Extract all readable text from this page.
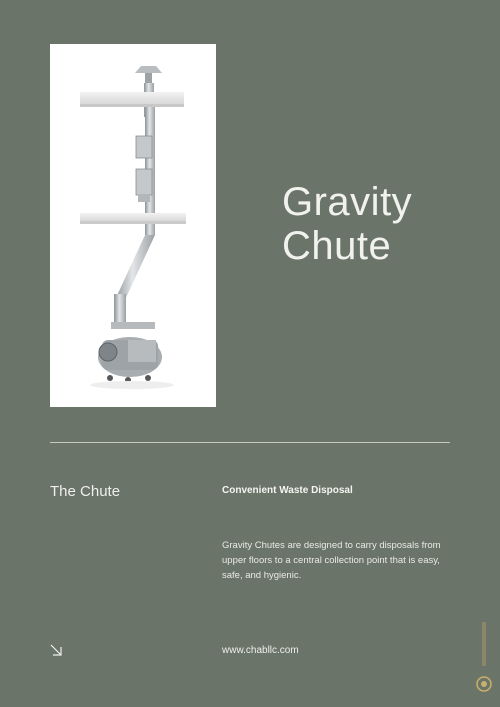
Gravity
Chute
The Chute	Convenient Waste Disposal

Gravity Chutes are designed to carry disposals from upper floors to a central collection point that is easy, safe, and hygienic.

www.chabllc.com
